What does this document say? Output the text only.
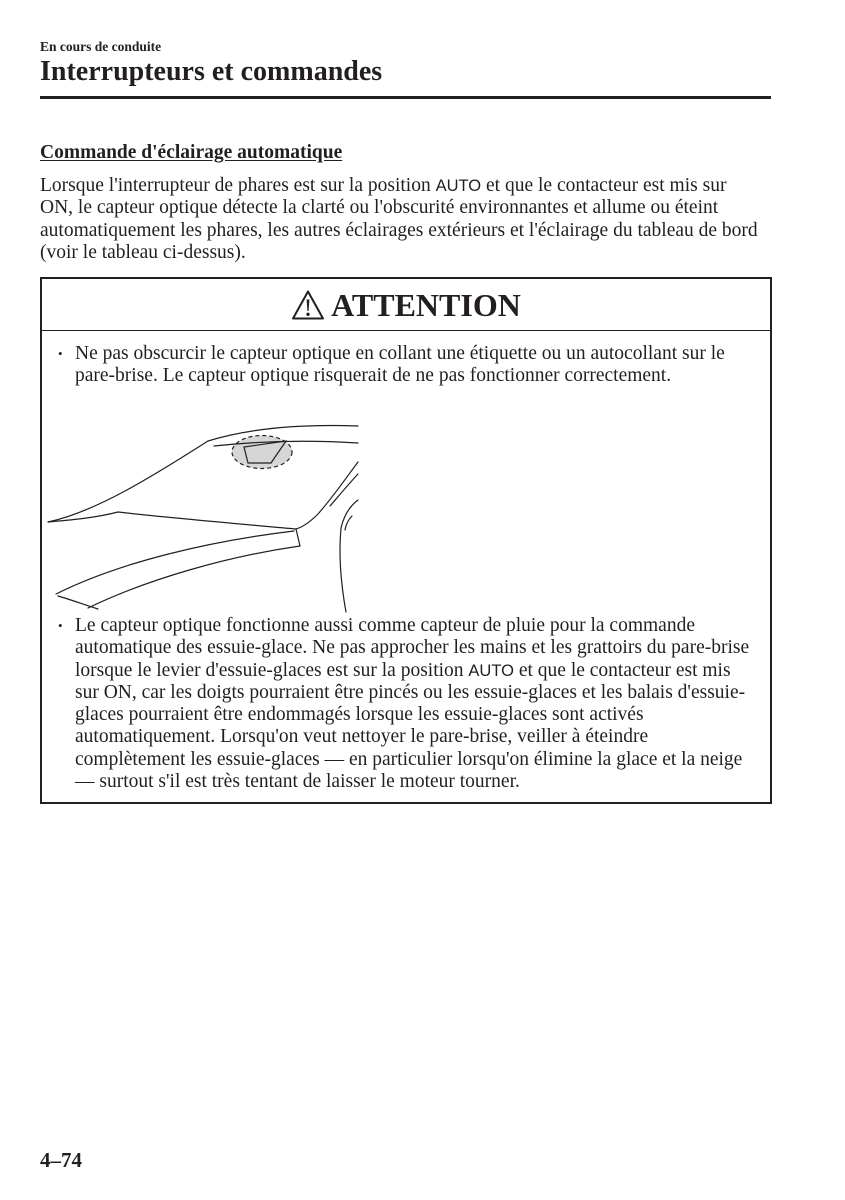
En cours de conduite
Interrupteurs et commandes
Commande d'éclairage automatique
Lorsque l'interrupteur de phares est sur la position AUTO et que le contacteur est mis sur
ON, le capteur optique détecte la clarté ou l'obscurité environnantes et allume ou éteint
automatiquement les phares, les autres éclairages extérieurs et l'éclairage du tableau de bord
(voir le tableau ci-dessus).
ATTENTION
• Ne pas obscurcir le capteur optique en collant une étiquette ou un autocollant sur le
pare-brise. Le capteur optique risquerait de ne pas fonctionner correctement.
• Le capteur optique fonctionne aussi comme capteur de pluie pour la commande
automatique des essuie-glace. Ne pas approcher les mains et les grattoirs du pare-brise
lorsque le levier d'essuie-glaces est sur la position AUTO et que le contacteur est mis
sur ON, car les doigts pourraient être pincés ou les essuie-glaces et les balais d'essuie-
glaces pourraient être endommagés lorsque les essuie-glaces sont activés
automatiquement. Lorsqu'on veut nettoyer le pare-brise, veiller à éteindre
complètement les essuie-glaces — en particulier lorsqu'on élimine la glace et la neige
— surtout s'il est très tentant de laisser le moteur tourner.
4–74
